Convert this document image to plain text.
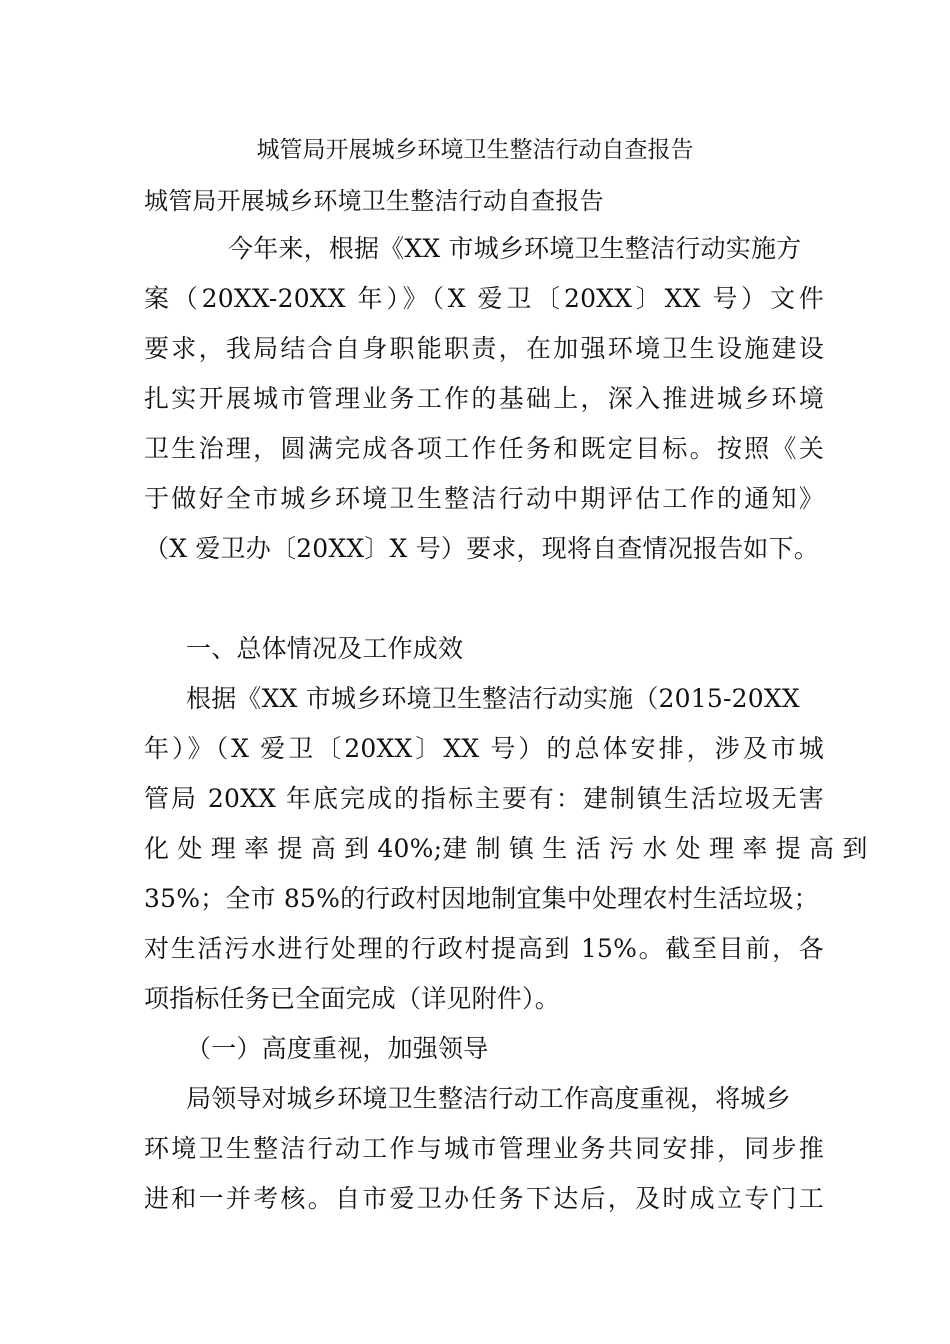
城管局开展城乡环境卫生整洁行动自查报告
城管局开展城乡环境卫生整洁行动自查报告
今年来，根据《XX 市城乡环境卫生整洁行动实施方
案（20XX-20XX 年）》（X 爱卫〔20XX〕XX 号）文件
要求，我局结合自身职能职责，在加强环境卫生设施建设
扎实开展城市管理业务工作的基础上，深入推进城乡环境
卫生治理，圆满完成各项工作任务和既定目标。按照《关
于做好全市城乡环境卫生整洁行动中期评估工作的通知》
（X 爱卫办〔20XX〕X 号）要求，现将自查情况报告如下。
一、总体情况及工作成效
根据《XX 市城乡环境卫生整洁行动实施（2015-20XX
年）》（X 爱卫〔20XX〕XX 号）的总体安排，涉及市城
管局 20XX 年底完成的指标主要有：建制镇生活垃圾无害
化 处 理 率 提 高 到 40%;建 制 镇 生 活 污 水 处 理 率 提 高 到
35%；全市 85%的行政村因地制宜集中处理农村生活垃圾；
对生活污水进行处理的行政村提高到 15%。截至目前，各
项指标任务已全面完成（详见附件）。
（一）高度重视，加强领导
局领导对城乡环境卫生整洁行动工作高度重视，将城乡
环境卫生整洁行动工作与城市管理业务共同安排，同步推
进和一并考核。自市爱卫办任务下达后，及时成立专门工
